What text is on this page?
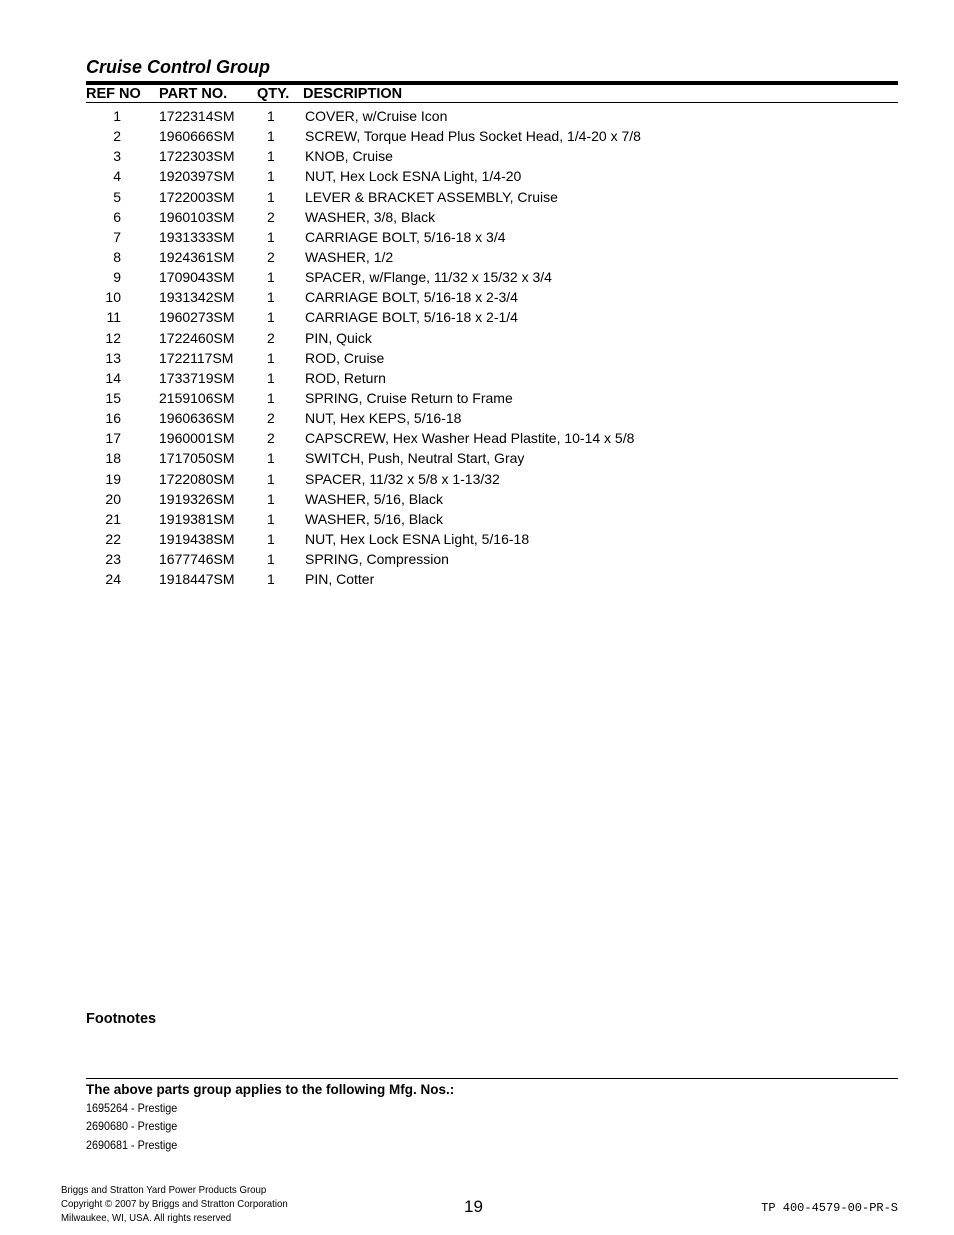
Cruise Control Group
REF NO PART NO. QTY. DESCRIPTION
1	1722314SM 1 COVER, w/Cruise Icon
2	1960666SM 1 SCREW, Torque Head Plus Socket Head, 1/4-20 x 7/8
3	1722303SM 1 KNOB, Cruise
4	1920397SM 1 NUT, Hex Lock ESNA Light, 1/4-20
5	1722003SM 1 LEVER & BRACKET ASSEMBLY, Cruise
6	1960103SM 2 WASHER, 3/8, Black
7	1931333SM 1 CARRIAGE BOLT, 5/16-18 x 3/4
8	1924361SM 2 WASHER, 1/2
9	1709043SM 1 SPACER, w/Flange, 11/32 x 15/32 x 3/4
10	1931342SM 1 CARRIAGE BOLT, 5/16-18 x 2-3/4
11	1960273SM 1 CARRIAGE BOLT, 5/16-18 x 2-1/4
12	1722460SM 2 PIN, Quick
13	1722117SM 1 ROD, Cruise
14	1733719SM 1 ROD, Return
15	2159106SM 1 SPRING, Cruise Return to Frame
16	1960636SM 2 NUT, Hex KEPS, 5/16-18
17	1960001SM 2 CAPSCREW, Hex Washer Head Plastite, 10-14 x 5/8
18	1717050SM 1 SWITCH, Push, Neutral Start, Gray
19	1722080SM 1 SPACER, 11/32 x 5/8 x 1-13/32
20	1919326SM 1 WASHER, 5/16, Black
21	1919381SM 1 WASHER, 5/16, Black
22	1919438SM 1 NUT, Hex Lock ESNA Light, 5/16-18
23	1677746SM 1 SPRING, Compression
24	1918447SM 1 PIN, Cotter
Footnotes
The above parts group applies to the following Mfg. Nos.:
1695264 - Prestige
2690680 - Prestige
2690681 - Prestige
Briggs and Stratton Yard Power Products Group
Copyright © 2007 by Briggs and Stratton Corporation
Milwaukee, WI, USA. All rights reserved
19	TP 400-4579-00-PR-S
